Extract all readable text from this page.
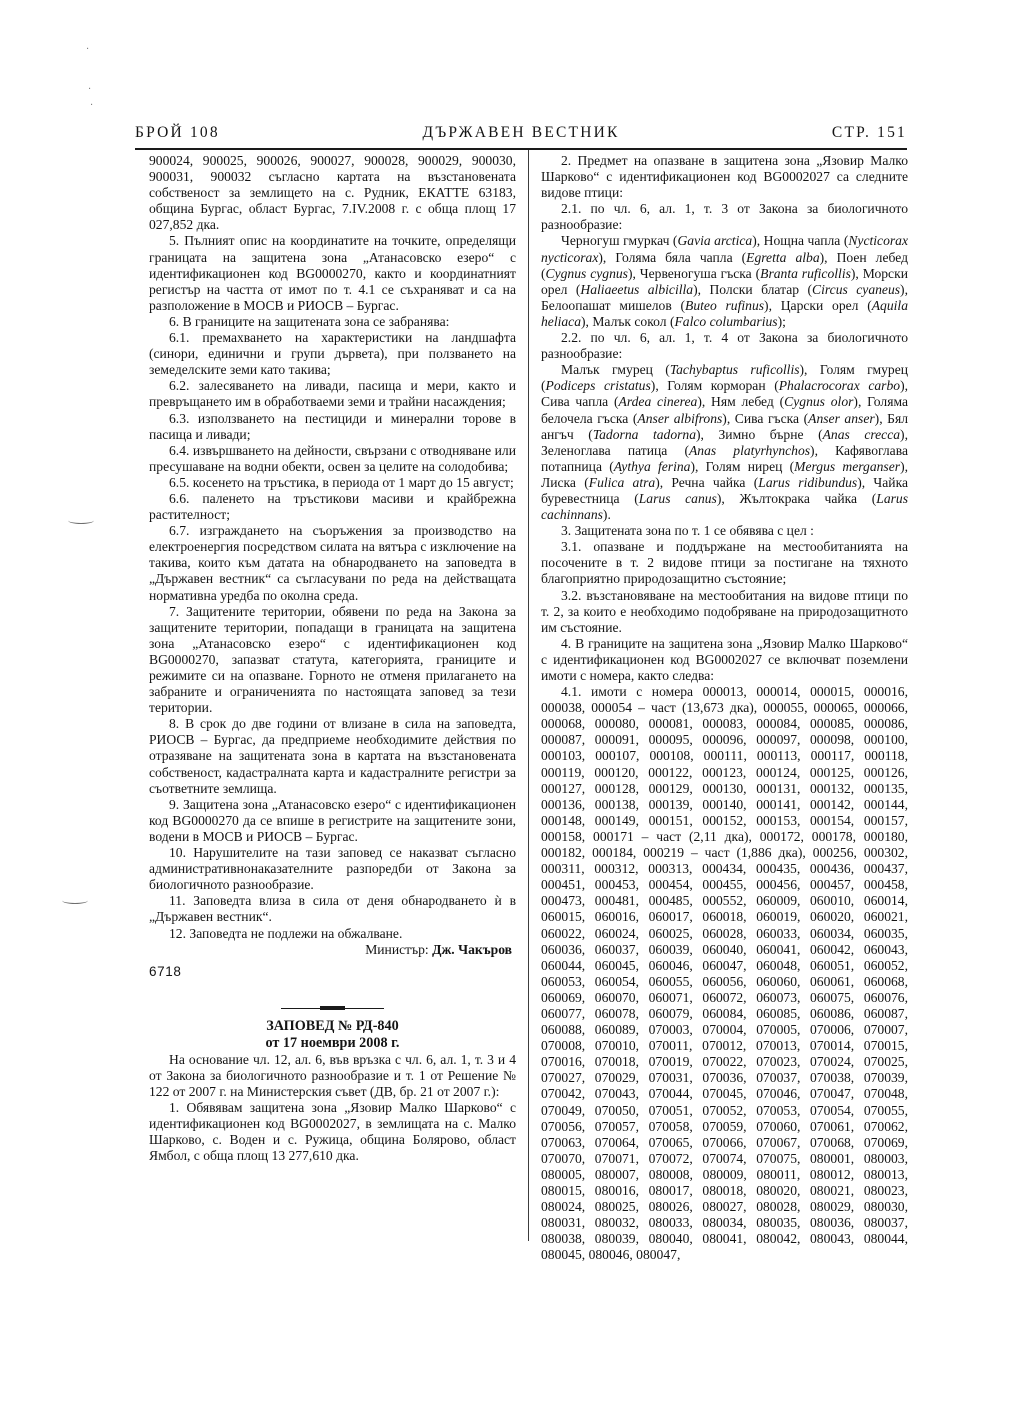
·
·
·
БРОЙ 108	ДЪРЖАВЕН ВЕСТНИК	СТР. 151

900024, 900025, 900026, 900027, 900028, 900029, 900030, 900031, 900032 съгласно картата на възстановената собственост за землището на с. Рудник, ЕКАТТЕ 63183, община Бургас, област Бургас, 7.IV.2008 г. с обща площ 17 027,852 дка.

5. Пълният опис на координатите на точките, определящи границата на защитена зона „Атанасовско езеро“ с идентификационен код BG0000270, както и координатният регистър на частта от имот по т. 4.1 се съхраняват и са на разположение в МОСВ и РИОСВ – Бургас.

6. В границите на защитената зона се забранява:

6.1. премахването на характеристики на ландшафта (синори, единични и групи дървета), при ползването на земеделските земи като такива;

6.2. залесяването на ливади, пасища и мери, както и превръщането им в обработваеми земи и трайни насаждения;

6.3. използването на пестициди и минерални торове в пасища и ливади;

6.4. извършването на дейности, свързани с отводняване или пресушаване на водни обекти, освен за целите на солодобива;

6.5. косенето на тръстика, в периода от 1 март до 15 август;

6.6. паленето на тръстикови масиви и крайбрежна растителност;

6.7. изграждането на съоръжения за производство на електроенергия посредством силата на вятъра с изключение на такива, които към датата на обнародването на заповедта в „Държавен вестник“ са съгласувани по реда на действащата нормативна уредба по околна среда.

7. Защитените територии, обявени по реда на Закона за защитените територии, попадащи в границата на защитена зона „Атанасовско езеро“ с идентификационен код BG0000270, запазват статута, категорията, границите и режимите си на опазване. Горното не отменя прилагането на забраните и ограниченията по настоящата заповед за тези територии.

8. В срок до две години от влизане в сила на заповедта, РИОСВ – Бургас, да предприеме необходимите действия по отразяване на защитената зона в картата на възстановената собственост, кадастралната карта и кадастралните регистри за съответните землища.

9. Защитена зона „Атанасовско езеро“ с идентификационен код BG0000270 да се впише в регистрите на защитените зони, водени в МОСВ и РИОСВ – Бургас.

10. Нарушителите на тази заповед се наказват съгласно административнонаказателните разпоредби от Закона за биологичното разнообразие.

11. Заповедта влиза в сила от деня обнародването ѝ в „Държавен вестник“.

12. Заповедта не подлежи на обжалване.

Министър: Дж. Чакъров

6718
ЗАПОВЕД № РД-840
от 17 ноември 2008 г.

На основание чл. 12, ал. 6, във връзка с чл. 6, ал. 1, т. 3 и 4 от Закона за биологичното разнообразие и т. 1 от Решение № 122 от 2007 г. на Министерския съвет (ДВ, бр. 21 от 2007 г.):

1. Обявявам защитена зона „Язовир Малко Шарково“ с идентификационен код BG0002027, в землищата на с. Малко Шарково, с. Воден и с. Ружица, община Болярово, област Ямбол, с обща площ 13 277,610 дка.

2. Предмет на опазване в защитена зона „Язовир Малко Шарково“ с идентификационен код BG0002027 са следните видове птици:

2.1. по чл. 6, ал. 1, т. 3 от Закона за биологичното разнообразие:

Черногуш гмуркач (Gavia arctica), Нощна чапла (Nycticorax nycticorax), Голяма бяла чапла (Egretta alba), Поен лебед (Cygnus cygnus), Червеногуша гъска (Branta ruficollis), Морски орел (Haliaeetus albicilla), Полски блатар (Circus cyaneus), Белоопашат мишелов (Buteo rufinus), Царски орел (Aquila heliaca), Малък сокол (Falco columbarius);

2.2. по чл. 6, ал. 1, т. 4 от Закона за биологичното разнообразие:

Малък гмурец (Tachybaptus ruficollis), Голям гмурец (Podiceps cristatus), Голям корморан (Phalacrocorax carbo), Сива чапла (Ardea cinerea), Ням лебед (Cygnus olor), Голяма белочела гъска (Anser albifrons), Сива гъска (Anser anser), Бял ангъч (Tadorna tadorna), Зимно бърне (Anas crecca), Зеленоглава патица (Anas platyrhynchos), Кафявоглава потапница (Aythya ferina), Голям нирец (Mergus merganser), Лиска (Fulica atra), Речна чайка (Larus ridibundus), Чайка буревестница (Larus canus), Жълтокрака чайка (Larus cachinnans).

3. Защитената зона по т. 1 се обявява с цел :

3.1. опазване и поддържане на местообитанията на посочените в т. 2 видове птици за постигане на тяхното благоприятно природозащитно състояние;

3.2. възстановяване на местообитания на видове птици по т. 2, за които е необходимо подобряване на природозащитното им състояние.

4. В границите на защитена зона „Язовир Малко Шарково“ с идентификационен код BG0002027 се включват поземлени имоти с номера, както следва:

4.1. имоти с номера 000013, 000014, 000015, 000016, 000038, 000054 – част (13,673 дка), 000055, 000065, 000066, 000068, 000080, 000081, 000083, 000084, 000085, 000086, 000087, 000091, 000095, 000096, 000097, 000098, 000100, 000103, 000107, 000108, 000111, 000113, 000117, 000118, 000119, 000120, 000122, 000123, 000124, 000125, 000126, 000127, 000128, 000129, 000130, 000131, 000132, 000135, 000136, 000138, 000139, 000140, 000141, 000142, 000144, 000148, 000149, 000151, 000152, 000153, 000154, 000157, 000158, 000171 – част (2,11 дка), 000172, 000178, 000180, 000182, 000184, 000219 – част (1,886 дка), 000256, 000302, 000311, 000312, 000313, 000434, 000435, 000436, 000437, 000451, 000453, 000454, 000455, 000456, 000457, 000458, 000473, 000481, 000485, 000552, 060009, 060010, 060014, 060015, 060016, 060017, 060018, 060019, 060020, 060021, 060022, 060024, 060025, 060028, 060033, 060034, 060035, 060036, 060037, 060039, 060040, 060041, 060042, 060043, 060044, 060045, 060046, 060047, 060048, 060051, 060052, 060053, 060054, 060055, 060056, 060060, 060061, 060068, 060069, 060070, 060071, 060072, 060073, 060075, 060076, 060077, 060078, 060079, 060084, 060085, 060086, 060087, 060088, 060089, 070003, 070004, 070005, 070006, 070007, 070008, 070010, 070011, 070012, 070013, 070014, 070015, 070016, 070018, 070019, 070022, 070023, 070024, 070025, 070027, 070029, 070031, 070036, 070037, 070038, 070039, 070042, 070043, 070044, 070045, 070046, 070047, 070048, 070049, 070050, 070051, 070052, 070053, 070054, 070055, 070056, 070057, 070058, 070059, 070060, 070061, 070062, 070063, 070064, 070065, 070066, 070067, 070068, 070069, 070070, 070071, 070072, 070074, 070075, 080001, 080003, 080005, 080007, 080008, 080009, 080011, 080012, 080013, 080015, 080016, 080017, 080018, 080020, 080021, 080023, 080024, 080025, 080026, 080027, 080028, 080029, 080030, 080031, 080032, 080033, 080034, 080035, 080036, 080037, 080038, 080039, 080040, 080041, 080042, 080043, 080044, 080045, 080046, 080047,
